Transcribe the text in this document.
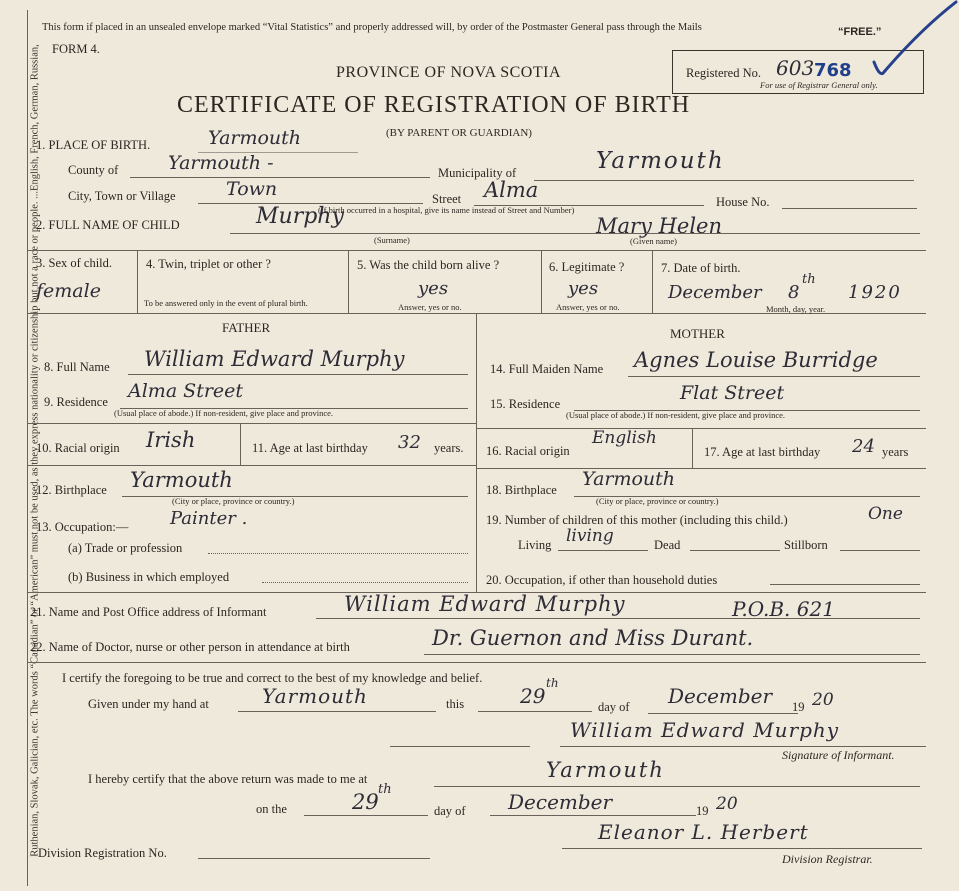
Ruthenian, Slovak, Galician, etc. The words “Canadian” or “American” must not be used, as they express nationality or citizenship but not a race or people. ...English, French, German, Russian,
This form if placed in an unsealed envelope marked “Vital Statistics” and properly addressed will, by order of the Postmaster General pass through the Mails	“FREE.”
FORM 4.
PROVINCE OF NOVA SCOTIA
CERTIFICATE OF REGISTRATION OF BIRTH
(BY PARENT OR GUARDIAN)
Registered No. 603 768
For use of Registrar General only.
1. PLACE OF BIRTH.	Yarmouth
County of	Yarmouth -	Municipality of	Yarmouth
City, Town or Village	Town	Street Alma	House No.
(If birth occurred in a hospital, give its name instead of Street and Number)
2. FULL NAME OF CHILD	Murphy
(Surname)
Mary Helen
(Given name)
3. Sex of child.
female
4. Twin, triplet or other ?
To be answered only in the event of plural birth.
5. Was the child born alive ?
yes
Answer, yes or no.
6. Legitimate ?
yes
Answer, yes or no.
7. Date of birth.
December 8
th
1920
Month, day, year.
FATHER	MOTHER
8. Full Name William Edward Murphy
9. Residence Alma Street
(Usual place of abode.) If non-resident, give place and province.
10. Racial origin Irish	11. Age at last birthday 32 years.
12. Birthplace Yarmouth
(City or place, province or country.)
13. Occupation:— Painter .
(a) Trade or profession
(b) Business in which employed
14. Full Maiden Name Agnes Louise Burridge
15. Residence	Flat Street
(Usual place of abode.) If non-resident, give place and province.
16. Racial origin
English
17. Age at last birthday 24 years
18. Birthplace Yarmouth
(City or place, province or country.)
19. Number of children of this mother (including this child.)	One
Living living	Dead	Stillborn
20. Occupation, if other than household duties
21. Name and Post Office address of Informant	William Edward Murphy	P.O.B. 621
22. Name of Doctor, nurse or other person in attendance at birth	Dr. Guernon and Miss Durant.
I certify the foregoing to be true and correct to the best of my knowledge and belief.
Given under my hand at	Yarmouth	this	29
th
day of December 19 20
William Edward Murphy
Signature of Informant.
I hereby certify that the above return was made to me at	Yarmouth
on the	29
th
day of December	19 20
Eleanor L. Herbert
Division Registration No.	Division Registrar.
